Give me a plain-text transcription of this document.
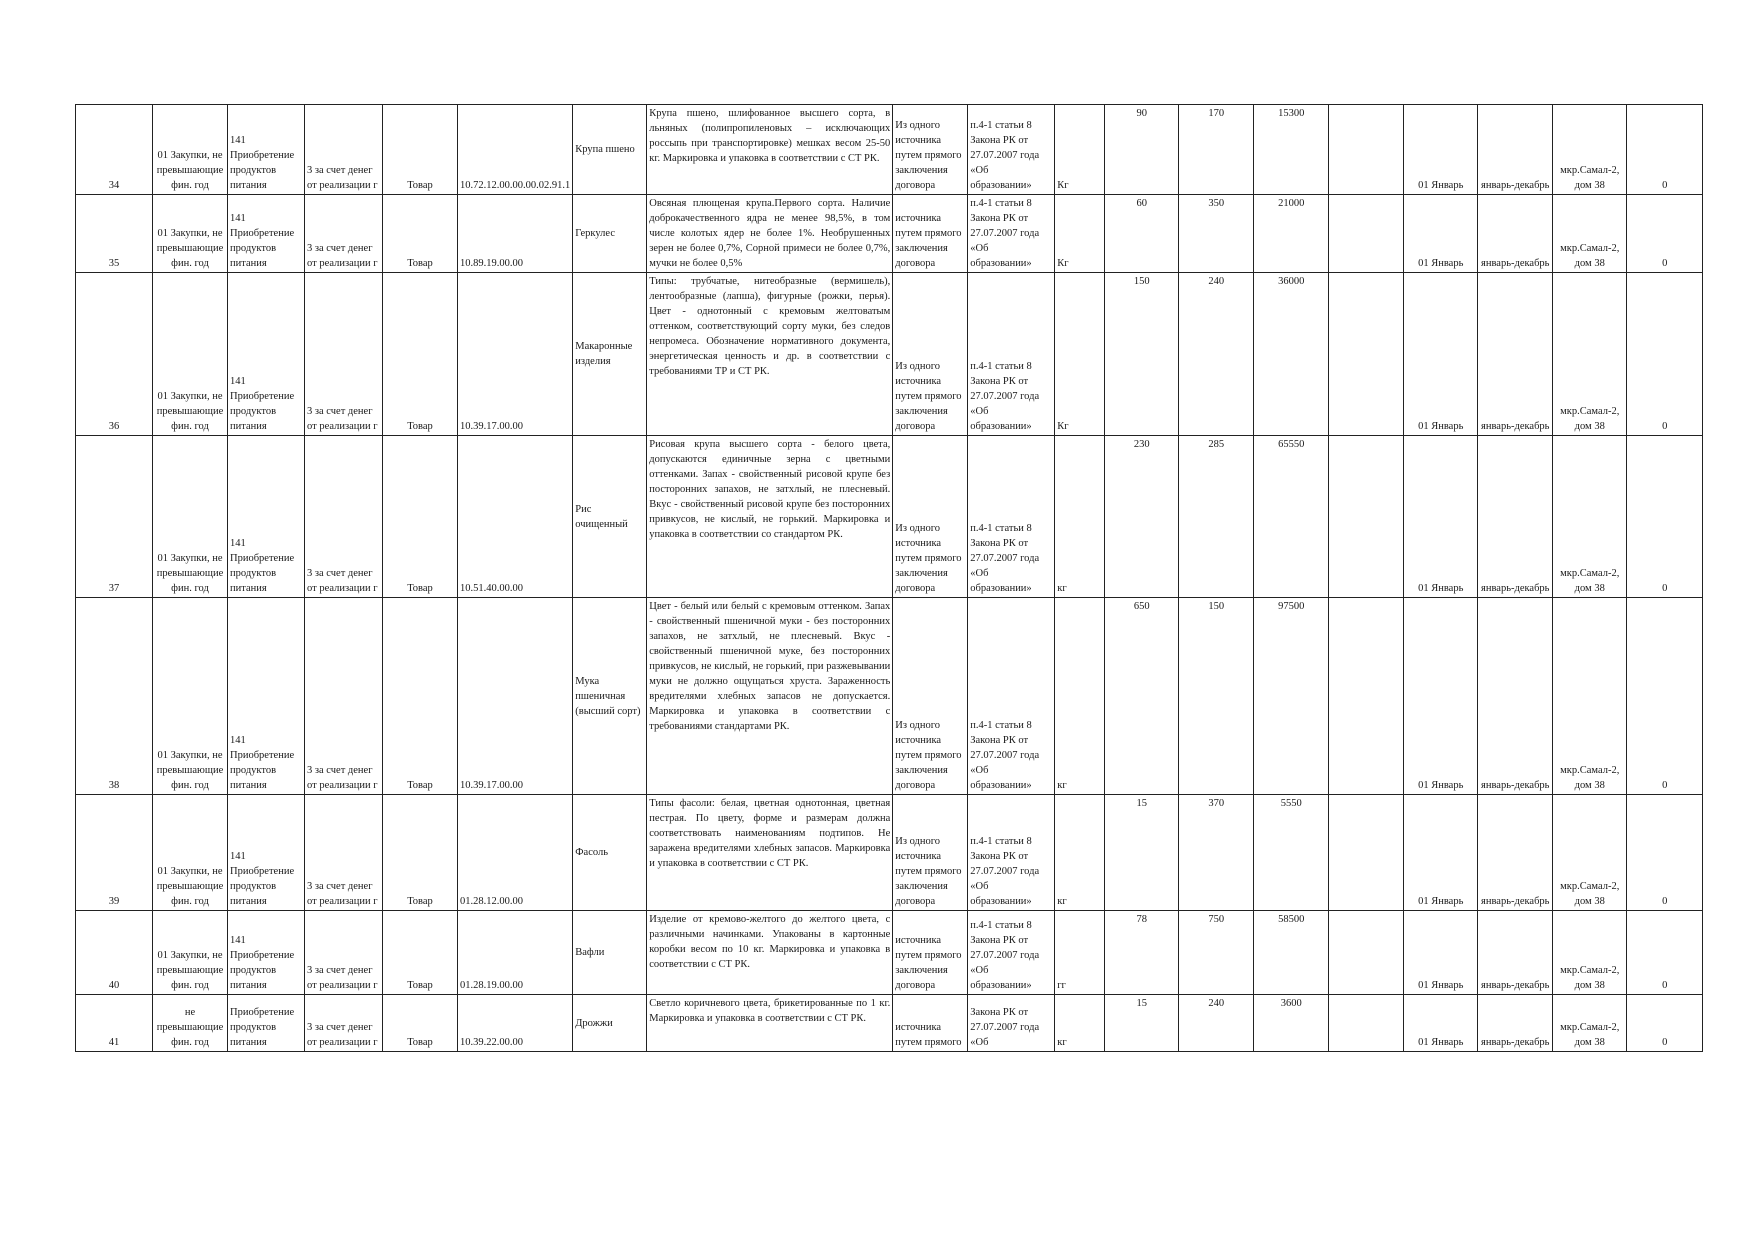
34	01 Закупки, не превышающие фин. год	141 Приобретение продуктов питания	3 за счет денег от реализации г	Товар	10.72.12.00.00.00.02.91.1	Крупа пшено	Крупа пшено, шлифованное высшего сорта, в льняных (полипропиленовых – исключающих россыпь при транспортировке) мешках весом 25-50 кг. Маркировка и упаковка в соответствии с СТ РК.	Из одного источника путем прямого заключения договора	п.4-1 статьи 8 Закона РК от 27.07.2007 года «Об образовании»	Кг	90	170	15300		01 Январь	январь-декабрь	мкр.Самал-2, дом 38	0
35	01 Закупки, не превышающие фин. год	141 Приобретение продуктов питания	3 за счет денег от реализации г	Товар	10.89.19.00.00	Геркулес	Овсяная плющеная крупа.Первого сорта. Наличие доброкачественного ядра не менее 98,5%, в том числе колотых ядер не более 1%. Необрушенных зерен не более 0,7%, Сорной примеси не более 0,7%, мучки не более 0,5%	источника путем прямого заключения договора	п.4-1 статьи 8 Закона РК от 27.07.2007 года «Об образовании»	Кг	60	350	21000		01 Январь	январь-декабрь	мкр.Самал-2, дом 38	0
36	01 Закупки, не превышающие фин. год	141 Приобретение продуктов питания	3 за счет денег от реализации г	Товар	10.39.17.00.00	Макаронные изделия	Типы: трубчатые, нитеобразные (вермишель), лентообразные (лапша), фигурные (рожки, перья). Цвет - однотонный с кремовым желтоватым оттенком, соответствующий сорту муки, без следов непромеса. Обозначение нормативного документа, энергетическая ценность и др. в соответствии с требованиями ТР и СТ РК.	Из одного источника путем прямого заключения договора	п.4-1 статьи 8 Закона РК от 27.07.2007 года «Об образовании»	Кг	150	240	36000		01 Январь	январь-декабрь	мкр.Самал-2, дом 38	0
37	01 Закупки, не превышающие фин. год	141 Приобретение продуктов питания	3 за счет денег от реализации г	Товар	10.51.40.00.00	Рис очищенный	Рисовая крупа высшего сорта - белого цвета, допускаются единичные зерна с цветными оттенками. Запах - свойственный рисовой крупе без посторонних запахов, не затхлый, не плесневый. Вкус - свойственный рисовой крупе без посторонних привкусов, не кислый, не горький. Маркировка и упаковка в соответствии со стандартом РК.	Из одного источника путем прямого заключения договора	п.4-1 статьи 8 Закона РК от 27.07.2007 года «Об образовании»	кг	230	285	65550		01 Январь	январь-декабрь	мкр.Самал-2, дом 38	0
38	01 Закупки, не превышающие фин. год	141 Приобретение продуктов питания	3 за счет денег от реализации г	Товар	10.39.17.00.00	Мука пшеничная (высший сорт)	Цвет - белый или белый с кремовым оттенком. Запах - свойственный пшеничной муки - без посторонних запахов, не затхлый, не плесневый. Вкус - свойственный пшеничной муке, без посторонних привкусов, не кислый, не горький, при разжевывании муки не должно ощущаться хруста. Зараженность вредителями хлебных запасов не допускается. Маркировка и упаковка в соответствии с требованиями стандартами РК.	Из одного источника путем прямого заключения договора	п.4-1 статьи 8 Закона РК от 27.07.2007 года «Об образовании»	кг	650	150	97500		01 Январь	январь-декабрь	мкр.Самал-2, дом 38	0
39	01 Закупки, не превышающие фин. год	141 Приобретение продуктов питания	3 за счет денег от реализации г	Товар	01.28.12.00.00	Фасоль	Типы фасоли: белая, цветная однотонная, цветная пестрая. По цвету, форме и размерам должна соответствовать наименованиям подтипов. Не заражена вредителями хлебных запасов. Маркировка и упаковка в соответствии с СТ РК.	Из одного источника путем прямого заключения договора	п.4-1 статьи 8 Закона РК от 27.07.2007 года «Об образовании»	кг	15	370	5550		01 Январь	январь-декабрь	мкр.Самал-2, дом 38	0
40	01 Закупки, не превышающие фин. год	141 Приобретение продуктов питания	3 за счет денег от реализации г	Товар	01.28.19.00.00	Вафли	Изделие от кремово-желтого до желтого цвета, с различными начинками. Упакованы в картонные коробки весом по 10 кг. Маркировка и упаковка в соответствии с СТ РК.	источника путем прямого заключения договора	п.4-1 статьи 8 Закона РК от 27.07.2007 года «Об образовании»	гг	78	750	58500		01 Январь	январь-декабрь	мкр.Самал-2, дом 38	0
41	не превышающие фин. год	Приобретение продуктов питания	3 за счет денег от реализации г	Товар	10.39.22.00.00	Дрожжи	Светло коричневого цвета, брикетированные по 1 кг. Маркировка и упаковка в соответствии с СТ РК.	источника путем прямого	Закона РК от 27.07.2007 года «Об	кг	15	240	3600		01 Январь	январь-декабрь	мкр.Самал-2, дом 38	0
